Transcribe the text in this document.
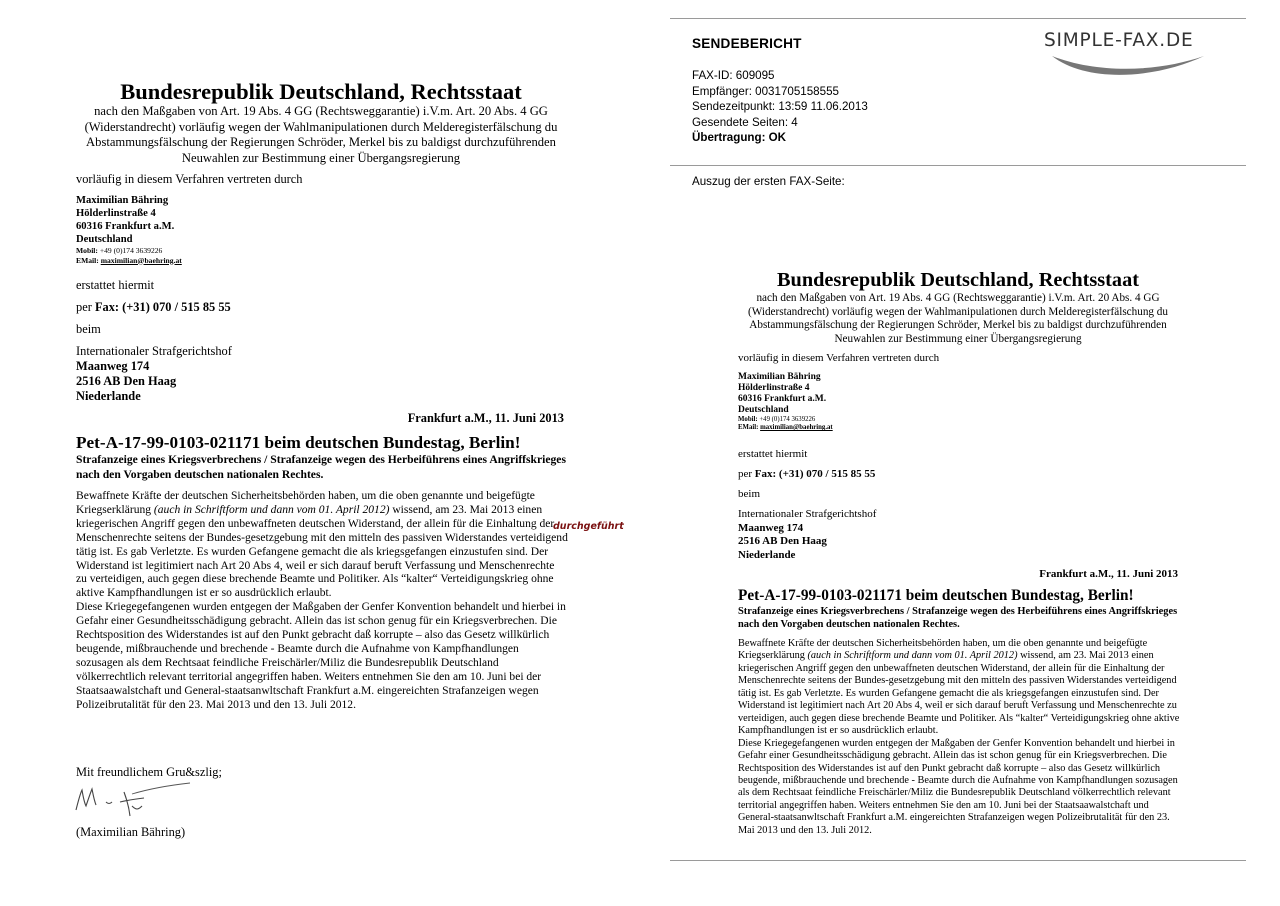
Bundesrepublik Deutschland, Rechtsstaat
nach den Maßgaben von Art. 19 Abs. 4 GG (Rechtsweggarantie) i.V.m. Art. 20 Abs. 4 GG (Widerstandrecht) vorläufig wegen der Wahlmanipulationen durch Melderegisterfälschung du Abstammungsfälschung der Regierungen Schröder, Merkel bis zu baldigst durchzuführenden Neuwahlen zur Bestimmung einer Übergangsregierung
vorläufig in diesem Verfahren vertreten durch
Maximilian Bähring
Hölderlinstraße 4
60316 Frankfurt a.M.
Deutschland
Mobil: +49 (0)174 3639226
EMail: maximilian@baehring.at
erstattet hiermit
per Fax: (+31) 070 / 515 85 55
beim
Internationaler Strafgerichtshof
Maanweg 174
2516 AB Den Haag
Niederlande
Frankfurt a.M., 11. Juni 2013
Pet-A-17-99-0103-021171 beim deutschen Bundestag, Berlin!
Strafanzeige eines Kriegsverbrechens / Strafanzeige wegen des Herbeiführens eines Angriffskrieges nach den Vorgaben deutschen nationalen Rechtes.

Bewaffnete Kräfte der deutschen Sicherheitsbehörden haben, um die oben genannte und beigefügte Kriegserklärung (auch in Schriftform und dann vom 01. April 2012) wissend, am 23. Mai 2013 einen kriegerischen Angriff gegen den unbewaffneten deutschen Widerstand, der allein für die Einhaltung der Menschenrechte seitens der Bundes-gesetzgebung mit den mitteln des passiven Widerstandes verteidigend tätig ist. Es gab Verletzte. Es wurden Gefangene gemacht die als kriegsgefangen einzustufen sind. Der Widerstand ist legitimiert nach Art 20 Abs 4, weil er sich darauf beruft Verfassung und Menschenrechte zu verteidigen, auch gegen diese brechende Beamte und Politiker. Als “kalter“ Verteidigungskrieg ohne aktive Kampfhandlungen ist er so ausdrücklich erlaubt.

Diese Kriegegefangenen wurden entgegen der Maßgaben der Genfer Konvention behandelt und hierbei in Gefahr einer Gesundheitsschädigung gebracht. Allein das ist schon genug für ein Kriegsverbrechen. Die Rechtsposition des Widerstandes ist auf den Punkt gebracht daß korrupte – also das Gesetz willkürlich beugende, mißbrauchende und brechende - Beamte durch die Aufnahme von Kampfhandlungen sozusagen als dem Rechtsaat feindliche Freischärler/Miliz die Bundesrepublik Deutschland völkerrechtlich relevant territorial angegriffen haben. Weiters entnehmen Sie den am 10. Juni bei der Staatsaawalstchaft und General-staatsanwltschaft Frankfurt a.M. eingereichten Strafanzeigen wegen Polizeibrutalität für den 23. Mai 2013 und den 13. Juli 2012.

durchgeführt
Mit freundlichem Gru&szlig;
(Maximilian Bähring)
SENDEBERICHT	SIMPLE-FAX.DE
FAX-ID: 609095
Empfänger: 0031705158555
Sendezeitpunkt: 13:59 11.06.2013
Gesendete Seiten: 4
Übertragung: OK
Auszug der ersten FAX-Seite:
Bundesrepublik Deutschland, Rechtsstaat
nach den Maßgaben von Art. 19 Abs. 4 GG (Rechtsweggarantie) i.V.m. Art. 20 Abs. 4 GG (Widerstandrecht) vorläufig wegen der Wahlmanipulationen durch Melderegisterfälschung du Abstammungsfälschung der Regierungen Schröder, Merkel bis zu baldigst durchzuführenden Neuwahlen zur Bestimmung einer Übergangsregierung
vorläufig in diesem Verfahren vertreten durch
Maximilian Bähring
Hölderlinstraße 4
60316 Frankfurt a.M.
Deutschland
Mobil: +49 (0)174 3639226
EMail: maximilian@baehring.at
erstattet hiermit
per Fax: (+31) 070 / 515 85 55
beim
Internationaler Strafgerichtshof
Maanweg 174
2516 AB Den Haag
Niederlande
Frankfurt a.M., 11. Juni 2013
Pet-A-17-99-0103-021171 beim deutschen Bundestag, Berlin!
Strafanzeige eines Kriegsverbrechens / Strafanzeige wegen des Herbeiführens eines Angriffskrieges nach den Vorgaben deutschen nationalen Rechtes.

Bewaffnete Kräfte der deutschen Sicherheitsbehörden haben, um die oben genannte und beigefügte Kriegserklärung (auch in Schriftform und dann vom 01. April 2012) wissend, am 23. Mai 2013 einen kriegerischen Angriff gegen den unbewaffneten deutschen Widerstand, der allein für die Einhaltung der Menschenrechte seitens der Bundes-gesetzgebung mit den mitteln des passiven Widerstandes verteidigend tätig ist. Es gab Verletzte. Es wurden Gefangene gemacht die als kriegsgefangen einzustufen sind. Der Widerstand ist legitimiert nach Art 20 Abs 4, weil er sich darauf beruft Verfassung und Menschenrechte zu verteidigen, auch gegen diese brechende Beamte und Politiker. Als “kalter“ Verteidigungskrieg ohne aktive Kampfhandlungen ist er so ausdrücklich erlaubt.

Diese Kriegegefangenen wurden entgegen der Maßgaben der Genfer Konvention behandelt und hierbei in Gefahr einer Gesundheitsschädigung gebracht. Allein das ist schon genug für ein Kriegsverbrechen. Die Rechtsposition des Widerstandes ist auf den Punkt gebracht daß korrupte – also das Gesetz willkürlich beugende, mißbrauchende und brechende - Beamte durch die Aufnahme von Kampfhandlungen sozusagen als dem Rechtsaat feindliche Freischärler/Miliz die Bundesrepublik Deutschland völkerrechtlich relevant territorial angegriffen haben. Weiters entnehmen Sie den am 10. Juni bei der Staatsaawalstchaft und General-staatsanwltschaft Frankfurt a.M. eingereichten Strafanzeigen wegen Polizeibrutalität für den 23. Mai 2013 und den 13. Juli 2012.
